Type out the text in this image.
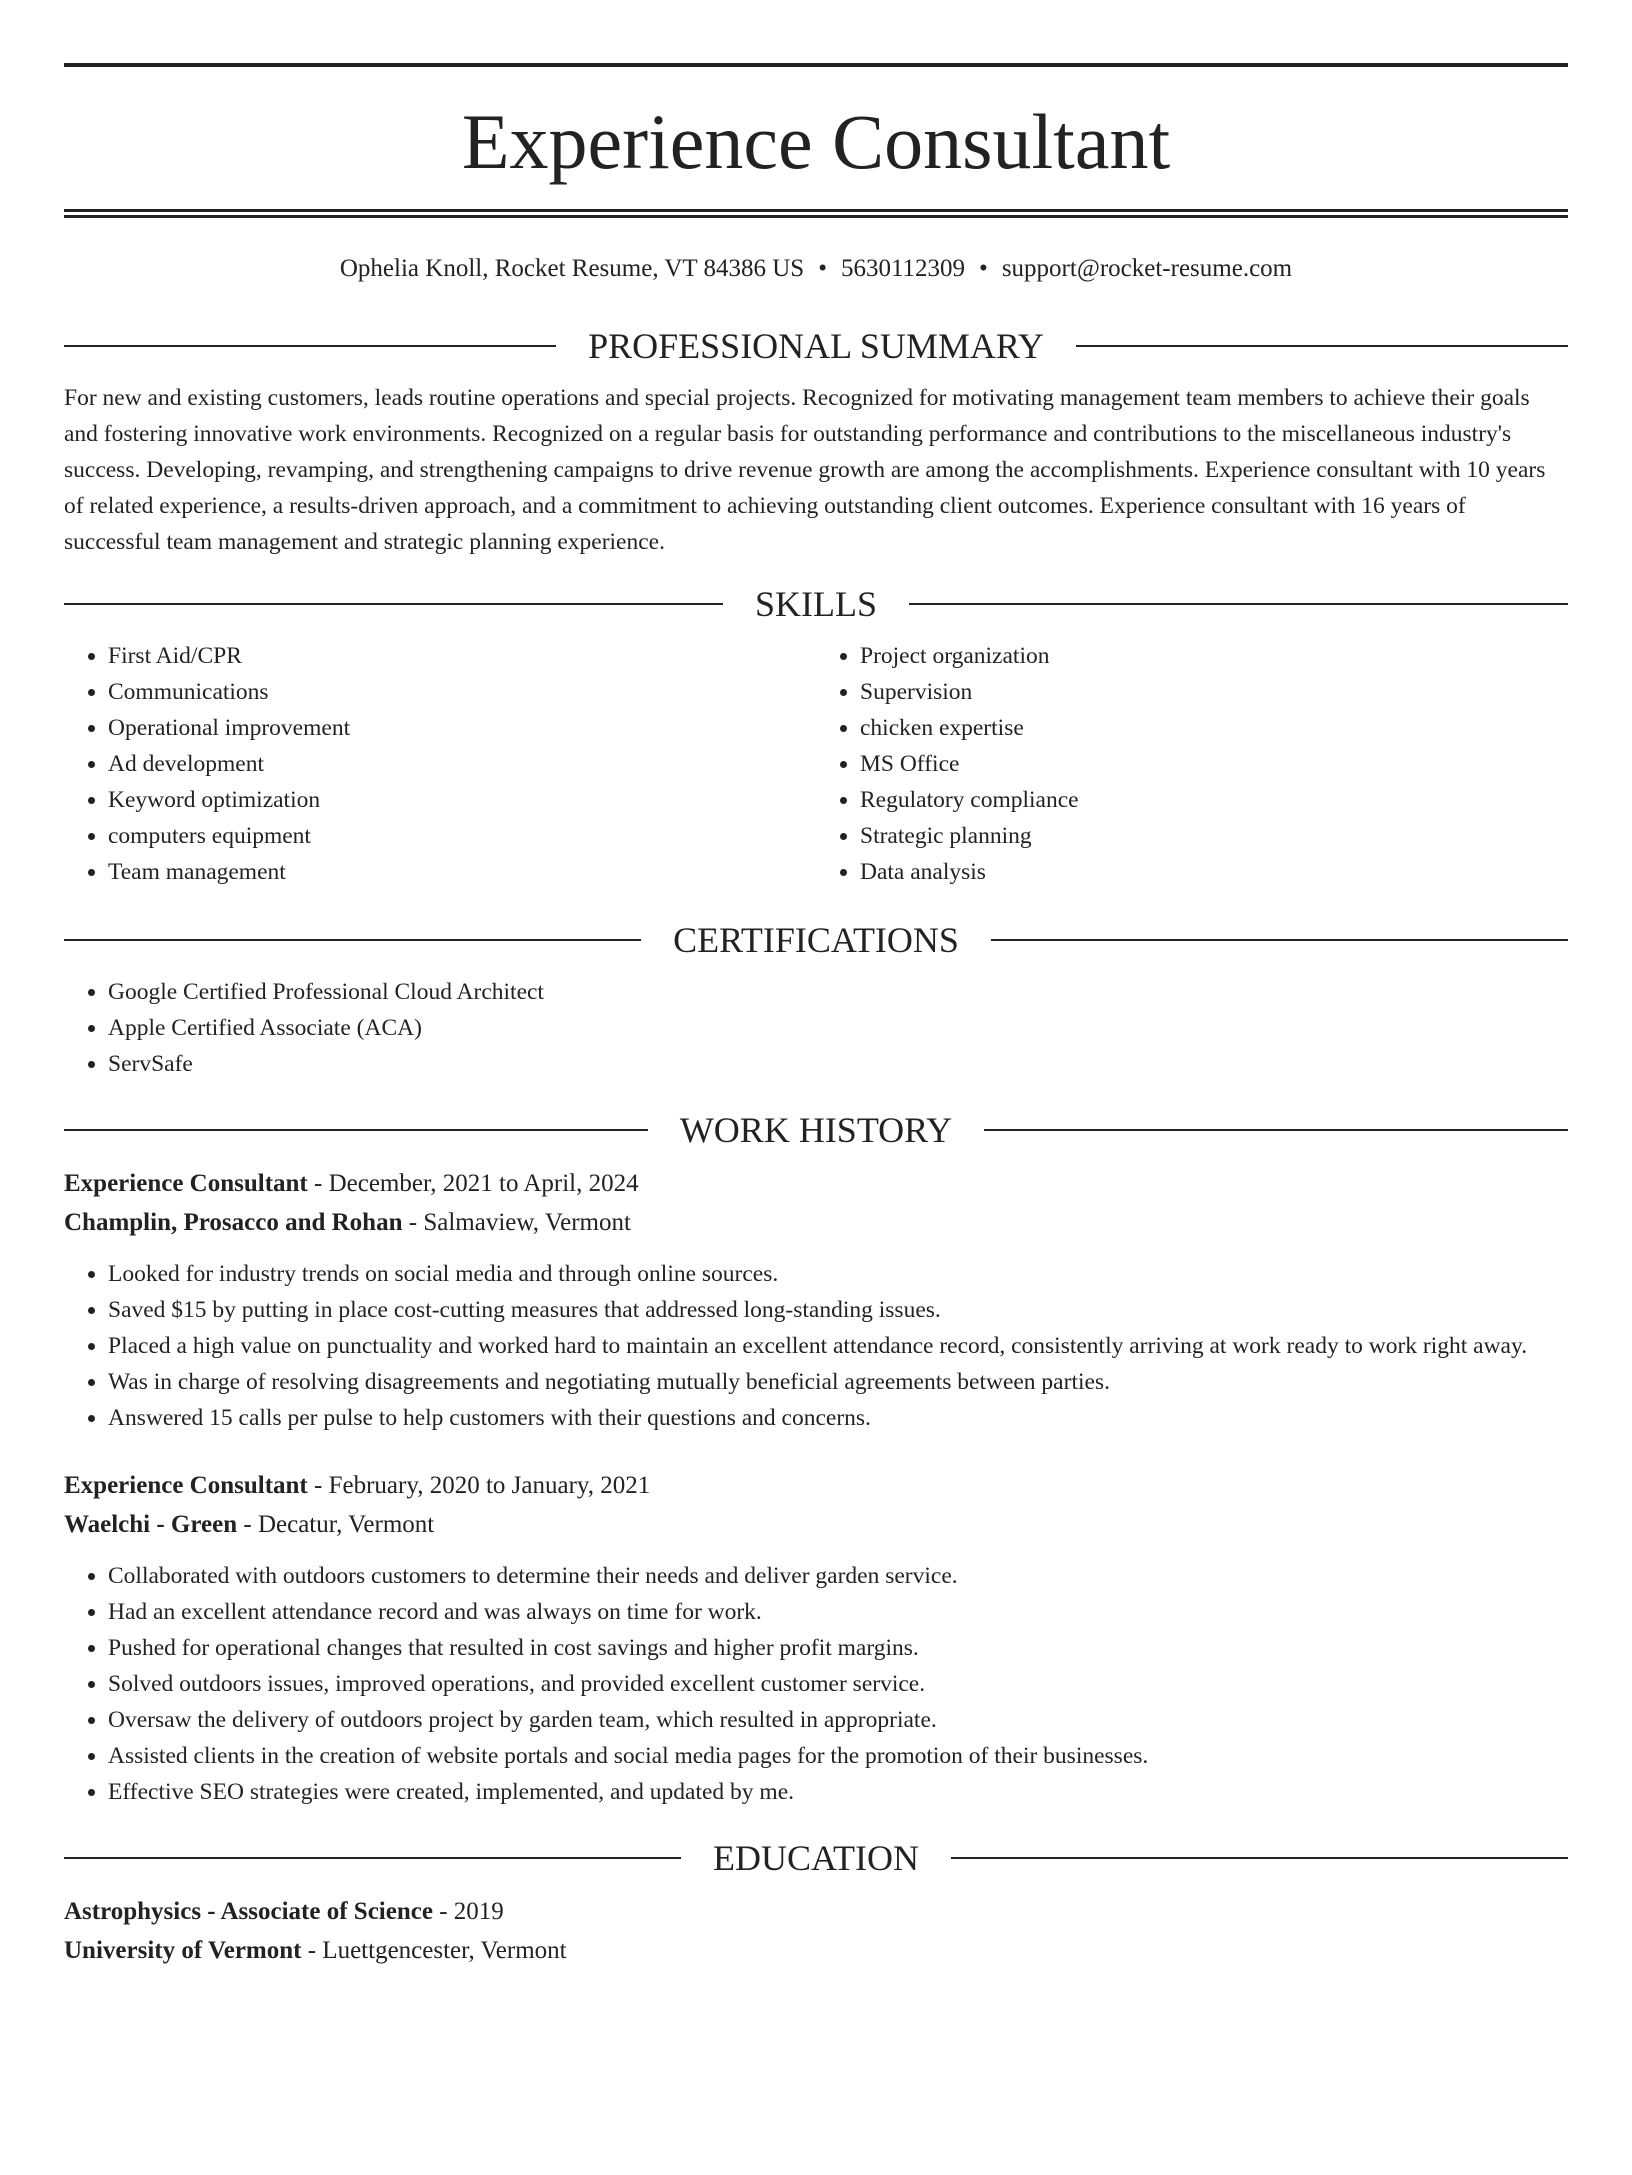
Experience Consultant
Ophelia Knoll, Rocket Resume, VT 84386 US • 5630112309 • support@rocket-resume.com
PROFESSIONAL SUMMARY

For new and existing customers, leads routine operations and special projects. Recognized for motivating management team members to achieve their goals and fostering innovative work environments. Recognized on a regular basis for outstanding performance and contributions to the miscellaneous industry's success. Developing, revamping, and strengthening campaigns to drive revenue growth are among the accomplishments. Experience consultant with 10 years of related experience, a results-driven approach, and a commitment to achieving outstanding client outcomes. Experience consultant with 16 years of successful team management and strategic planning experience.

SKILLS
• First Aid/CPR
• Communications
• Operational improvement
• Ad development
• Keyword optimization
• computers equipment
• Team management
• Project organization
• Supervision
• chicken expertise
• MS Office
• Regulatory compliance
• Strategic planning
• Data analysis
CERTIFICATIONS
• Google Certified Professional Cloud Architect
• Apple Certified Associate (ACA)
• ServSafe
WORK HISTORY
Experience Consultant - December, 2021 to April, 2024
Champlin, Prosacco and Rohan - Salmaview, Vermont
• Looked for industry trends on social media and through online sources.
• Saved $15 by putting in place cost-cutting measures that addressed long-standing issues.
• Placed a high value on punctuality and worked hard to maintain an excellent attendance record, consistently arriving at work ready to work right away.
• Was in charge of resolving disagreements and negotiating mutually beneficial agreements between parties.
• Answered 15 calls per pulse to help customers with their questions and concerns.
Experience Consultant - February, 2020 to January, 2021
Waelchi - Green - Decatur, Vermont
• Collaborated with outdoors customers to determine their needs and deliver garden service.
• Had an excellent attendance record and was always on time for work.
• Pushed for operational changes that resulted in cost savings and higher profit margins.
• Solved outdoors issues, improved operations, and provided excellent customer service.
• Oversaw the delivery of outdoors project by garden team, which resulted in appropriate.
• Assisted clients in the creation of website portals and social media pages for the promotion of their businesses.
• Effective SEO strategies were created, implemented, and updated by me.
EDUCATION
Astrophysics - Associate of Science - 2019
University of Vermont - Luettgencester, Vermont
